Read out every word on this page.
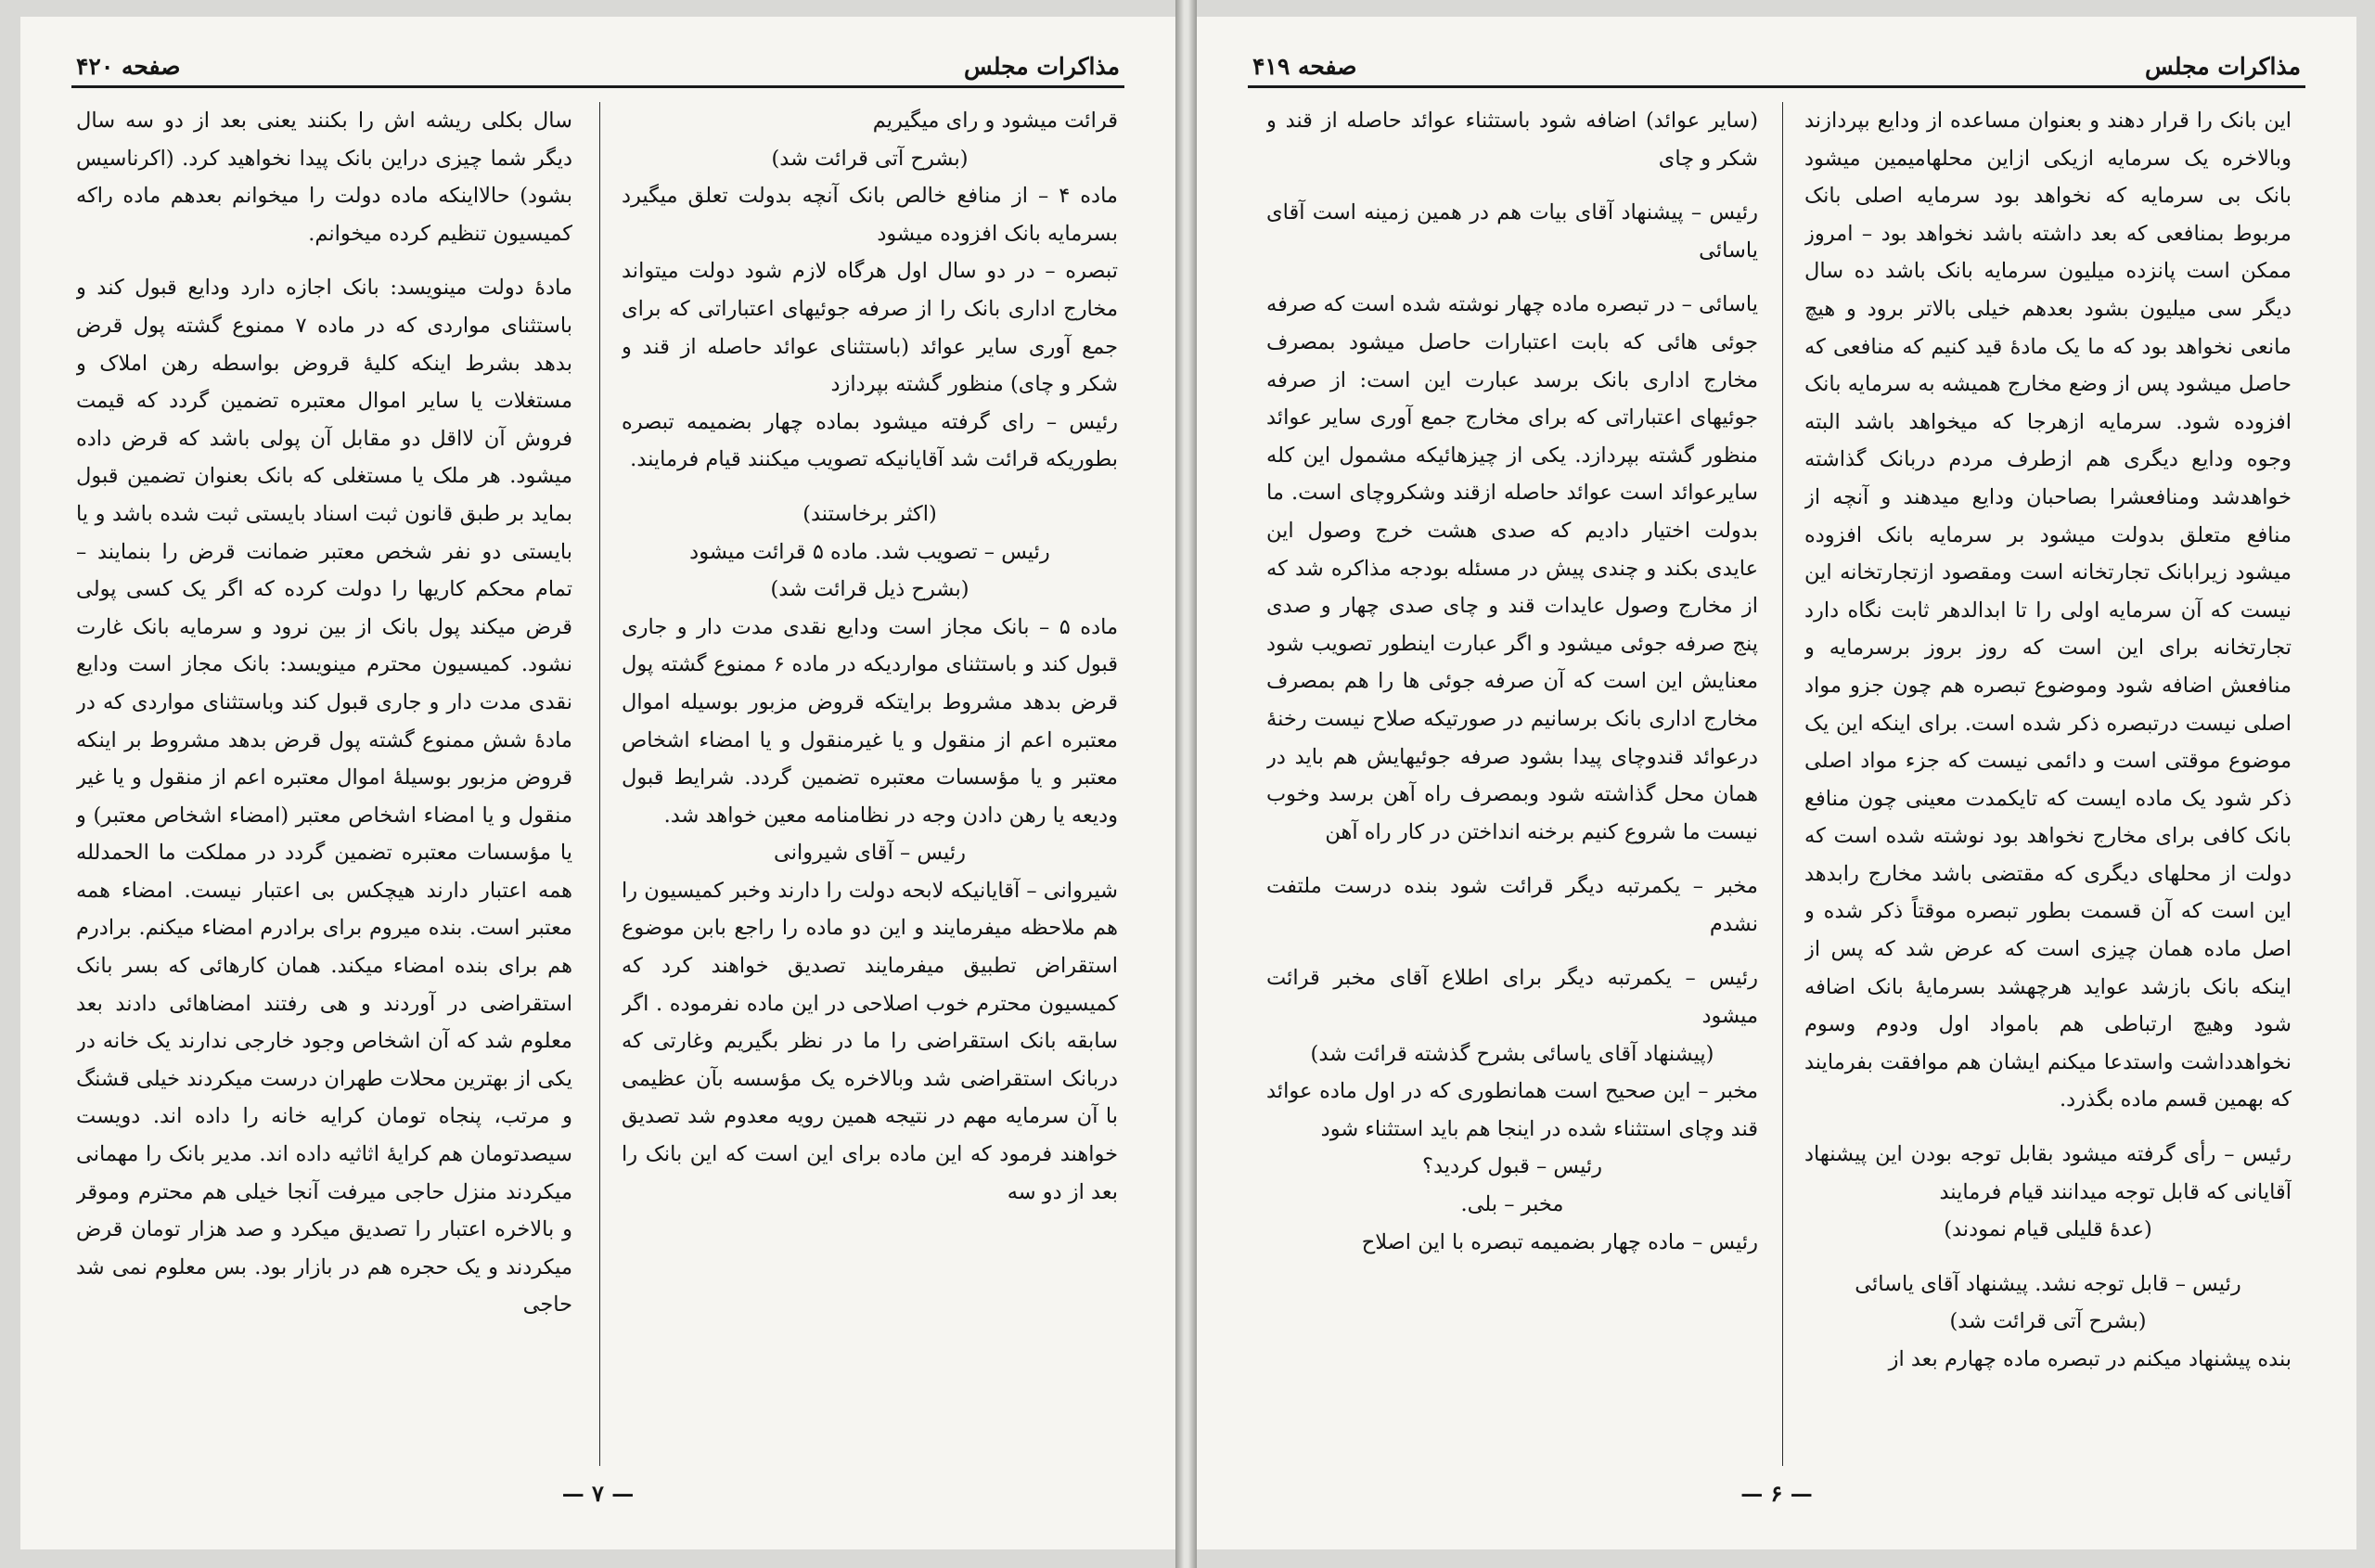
مذاکرات مجلس
صفحه ۴۲۰

قرائت میشود و رای میگیریم

(بشرح آتی قرائت شد)

ماده ۴ – از منافع خالص بانک آنچه بدولت تعلق میگیرد بسرمایه بانک افزوده میشود

تبصره – در دو سال اول هرگاه لازم شود دولت میتواند مخارج اداری بانک را از صرفه جوئیهای اعتباراتی که برای جمع آوری سایر عوائد (باستثنای عوائد حاصله از قند و شکر و چای) منظور گشته بپردازد

رئیس – رای گرفته میشود بماده چهار بضمیمه تبصره بطوریکه قرائت شد آقایانیکه تصویب میکنند قیام فرمایند.

(اکثر برخاستند)

رئیس – تصویب شد. ماده ۵ قرائت میشود

(بشرح ذیل قرائت شد)

ماده ۵ – بانک مجاز است ودایع نقدی مدت دار و جاری قبول کند و باستثنای مواردیکه در ماده ۶ ممنوع گشته پول قرض بدهد مشروط برایتکه قروض مزبور بوسیله اموال معتبره اعم از منقول و یا غیرمنقول و یا امضاء اشخاص معتبر و یا مؤسسات معتبره تضمین گردد. شرایط قبول ودیعه یا رهن دادن وجه در نظامنامه معین خواهد شد.

رئیس – آقای شیروانی

شیروانی – آقایانیکه لابحه دولت را دارند وخبر کمیسیون را هم ملاحظه میفرمایند و این دو ماده را راجع بابن موضوع استقراض تطبیق میفرمایند تصدیق خواهند کرد که کمیسیون محترم خوب اصلاحی در این ماده نفرموده . اگر سابقه بانک استقراضی را ما در نظر بگیریم وغارتی که دربانک استقراضی شد وبالاخره یک مؤسسه بآن عظیمی با آن سرمایه مهم در نتیجه همین رویه معدوم شد تصدیق خواهند فرمود که این ماده برای این است که این بانک را بعد از دو سه

سال بکلی ریشه اش را بکنند یعنی بعد از دو سه سال دیگر شما چیزی دراین بانک پیدا نخواهید کرد. (اکرناسیس بشود) حالااینکه ماده دولت را میخوانم بعدهم ماده راکه کمیسیون تنظیم کرده میخوانم.

مادهٔ دولت مینویسد: بانک اجازه دارد ودایع قبول کند و باستثنای مواردی که در ماده ۷ ممنوع گشته پول قرض بدهد بشرط اینکه کلیهٔ قروض بواسطه رهن املاک و مستغلات یا سایر اموال معتبره تضمین گردد که قیمت فروش آن لااقل دو مقابل آن پولی باشد که قرض داده میشود. هر ملک یا مستغلی که بانک بعنوان تضمین قبول بماید بر طبق قانون ثبت اسناد بایستی ثبت شده باشد و یا بایستی دو نفر شخص معتبر ضمانت قرض را بنمایند – تمام محکم کاریها را دولت کرده که اگر یک کسی پولی قرض میکند پول بانک از بین نرود و سرمایه بانک غارت نشود. کمیسیون محترم مینویسد: بانک مجاز است ودایع نقدی مدت دار و جاری قبول کند وباستثنای مواردی که در مادهٔ شش ممنوع گشته پول قرض بدهد مشروط بر اینکه قروض مزبور بوسیلهٔ اموال معتبره اعم از منقول و یا غیر منقول و یا امضاء اشخاص معتبر (امضاء اشخاص معتبر) و یا مؤسسات معتبره تضمین گردد در مملکت ما الحمدلله همه اعتبار دارند هیچکس بی اعتبار نیست. امضاء همه معتبر است. بنده میروم برای برادرم امضاء میکنم. برادرم هم برای بنده امضاء میکند. همان کارهائی که بسر بانک استقراضی در آوردند و هی رفتند امضاهائی دادند بعد معلوم شد که آن اشخاص وجود خارجی ندارند یک خانه در یکی از بهترین محلات طهران درست میکردند خیلی قشنگ و مرتب، پنجاه تومان کرایه خانه را داده اند. دویست سیصدتومان هم کرایهٔ اثاثیه داده اند. مدیر بانک را مهمانی میکردند منزل حاجی میرفت آنجا خیلی هم محترم وموقر و بالاخره اعتبار را تصدیق میکرد و صد هزار تومان قرض میکردند و یک حجره هم در بازار بود. بس معلوم نمی شد حاجی

— ۷ —
مذاکرات مجلس
صفحه ۴۱۹

این بانک را قرار دهند و بعنوان مساعده از ودایع بپردازند وبالاخره یک سرمایه ازیکی ازاین محلهامیمین میشود بانک بی سرمایه که نخواهد بود سرمایه اصلی بانک مربوط بمنافعی که بعد داشته باشد نخواهد بود – امروز ممکن است پانزده میلیون سرمایه بانک باشد ده سال دیگر سی میلیون بشود بعدهم خیلی بالاتر برود و هیچ مانعی نخواهد بود که ما یک مادهٔ قید کنیم که منافعی که حاصل میشود پس از وضع مخارج همیشه به سرمایه بانک افزوده شود. سرمایه ازهرجا که میخواهد باشد البته وجوه ودایع دیگری هم ازطرف مردم دربانک گذاشته خواهدشد ومنافعشرا بصاحبان ودایع میدهند و آنچه از منافع متعلق بدولت میشود بر سرمایه بانک افزوده میشود زیرابانک تجارتخانه است ومقصود ازتجارتخانه این نیست که آن سرمایه اولی را تا ابدالدهر ثابت نگاه دارد تجارتخانه برای این است که روز بروز برسرمایه و منافعش اضافه شود وموضوع تبصره هم چون جزو مواد اصلی نیست درتبصره ذکر شده است. برای اینکه این یک موضوع موقتی است و دائمی نیست که جزء مواد اصلی ذکر شود یک ماده ایست که تایکمدت معینی چون منافع بانک کافی برای مخارج نخواهد بود نوشته شده است که دولت از محلهای دیگری که مقتضی باشد مخارج رابدهد این است که آن قسمت بطور تبصره موقتاً ذکر شده و اصل ماده همان چیزی است که عرض شد که پس از اینکه بانک بازشد عواید هرچهشد بسرمایهٔ بانک اضافه شود وهیچ ارتباطی هم بامواد اول ودوم وسوم نخواهدداشت واستدعا میکنم ایشان هم موافقت بفرمایند که بهمین قسم ماده بگذرد.

رئیس – رأی گرفته میشود بقابل توجه بودن این پیشنهاد آقایانی که قابل توجه میدانند قیام فرمایند

(عدهٔ قلیلی قیام نمودند)

رئیس – قابل توجه نشد. پیشنهاد آقای یاسائی

(بشرح آتی قرائت شد)

بنده پیشنهاد میکنم در تبصره ماده چهارم بعد از

(سایر عوائد) اضافه شود باستثناء عوائد حاصله از قند و شکر و چای

رئیس – پیشنهاد آقای بیات هم در همین زمینه است آقای یاسائی

یاسائی – در تبصره ماده چهار نوشته شده است که صرفه جوئی هائی که بابت اعتبارات حاصل میشود بمصرف مخارج اداری بانک برسد عبارت این است: از صرفه جوئیهای اعتباراتی که برای مخارج جمع آوری سایر عوائد منظور گشته بپردازد. یکی از چیزهائیکه مشمول این کله سایرعوائد است عوائد حاصله ازقند وشکروچای است. ما بدولت اختیار دادیم که صدی هشت خرج وصول این عایدی بکند و چندی پیش در مسئله بودجه مذاکره شد که از مخارج وصول عایدات قند و چای صدی چهار و صدی پنج صرفه جوئی میشود و اگر عبارت اینطور تصویب شود معنایش این است که آن صرفه جوئی ها را هم بمصرف مخارج اداری بانک برسانیم در صورتیکه صلاح نیست رخنهٔ درعوائد قندوچای پیدا بشود صرفه جوئیهایش هم باید در همان محل گذاشته شود وبمصرف راه آهن برسد وخوب نیست ما شروع کنیم برخنه انداختن در کار راه آهن

مخبر – یکمرتبه دیگر قرائت شود بنده درست ملتفت نشدم

رئیس – یکمرتبه دیگر برای اطلاع آقای مخبر قرائت میشود

(پیشنهاد آقای یاسائی بشرح گذشته قرائت شد)

مخبر – این صحیح است همانطوری که در اول ماده عوائد قند وچای استثناء شده در اینجا هم باید استثناء شود

رئیس – قبول کردید؟

مخبر – بلی.

رئیس – ماده چهار بضمیمه تبصره با این اصلاح

— ۶ —
